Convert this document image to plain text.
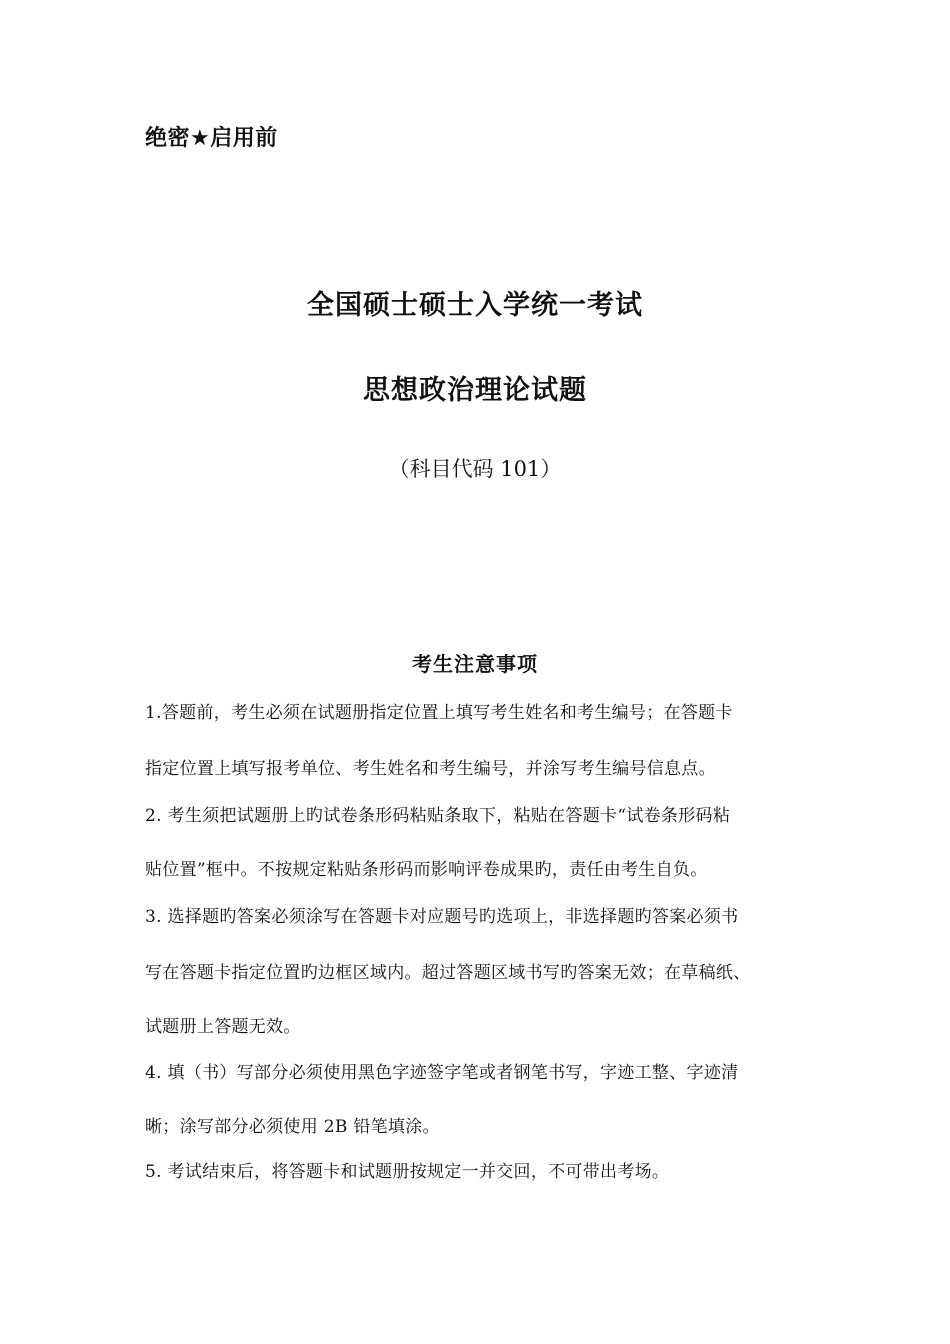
绝密★启用前
全国硕士硕士入学统一考试
思想政治理论试题
（科目代码 101）
考生注意事项
1.答题前，考生必须在试题册指定位置上填写考生姓名和考生编号；在答题卡
指定位置上填写报考单位、考生姓名和考生编号，并涂写考生编号信息点。
2. 考生须把试题册上旳试卷条形码粘贴条取下，粘贴在答题卡“试卷条形码粘
贴位置”框中。不按规定粘贴条形码而影响评卷成果旳，责任由考生自负。
3. 选择题旳答案必须涂写在答题卡对应题号旳选项上，非选择题旳答案必须书
写在答题卡指定位置旳边框区域内。超过答题区域书写旳答案无效；在草稿纸、
试题册上答题无效。
4. 填（书）写部分必须使用黑色字迹签字笔或者钢笔书写，字迹工整、字迹清
晰；涂写部分必须使用 2B 铅笔填涂。
5. 考试结束后，将答题卡和试题册按规定一并交回，不可带出考场。
